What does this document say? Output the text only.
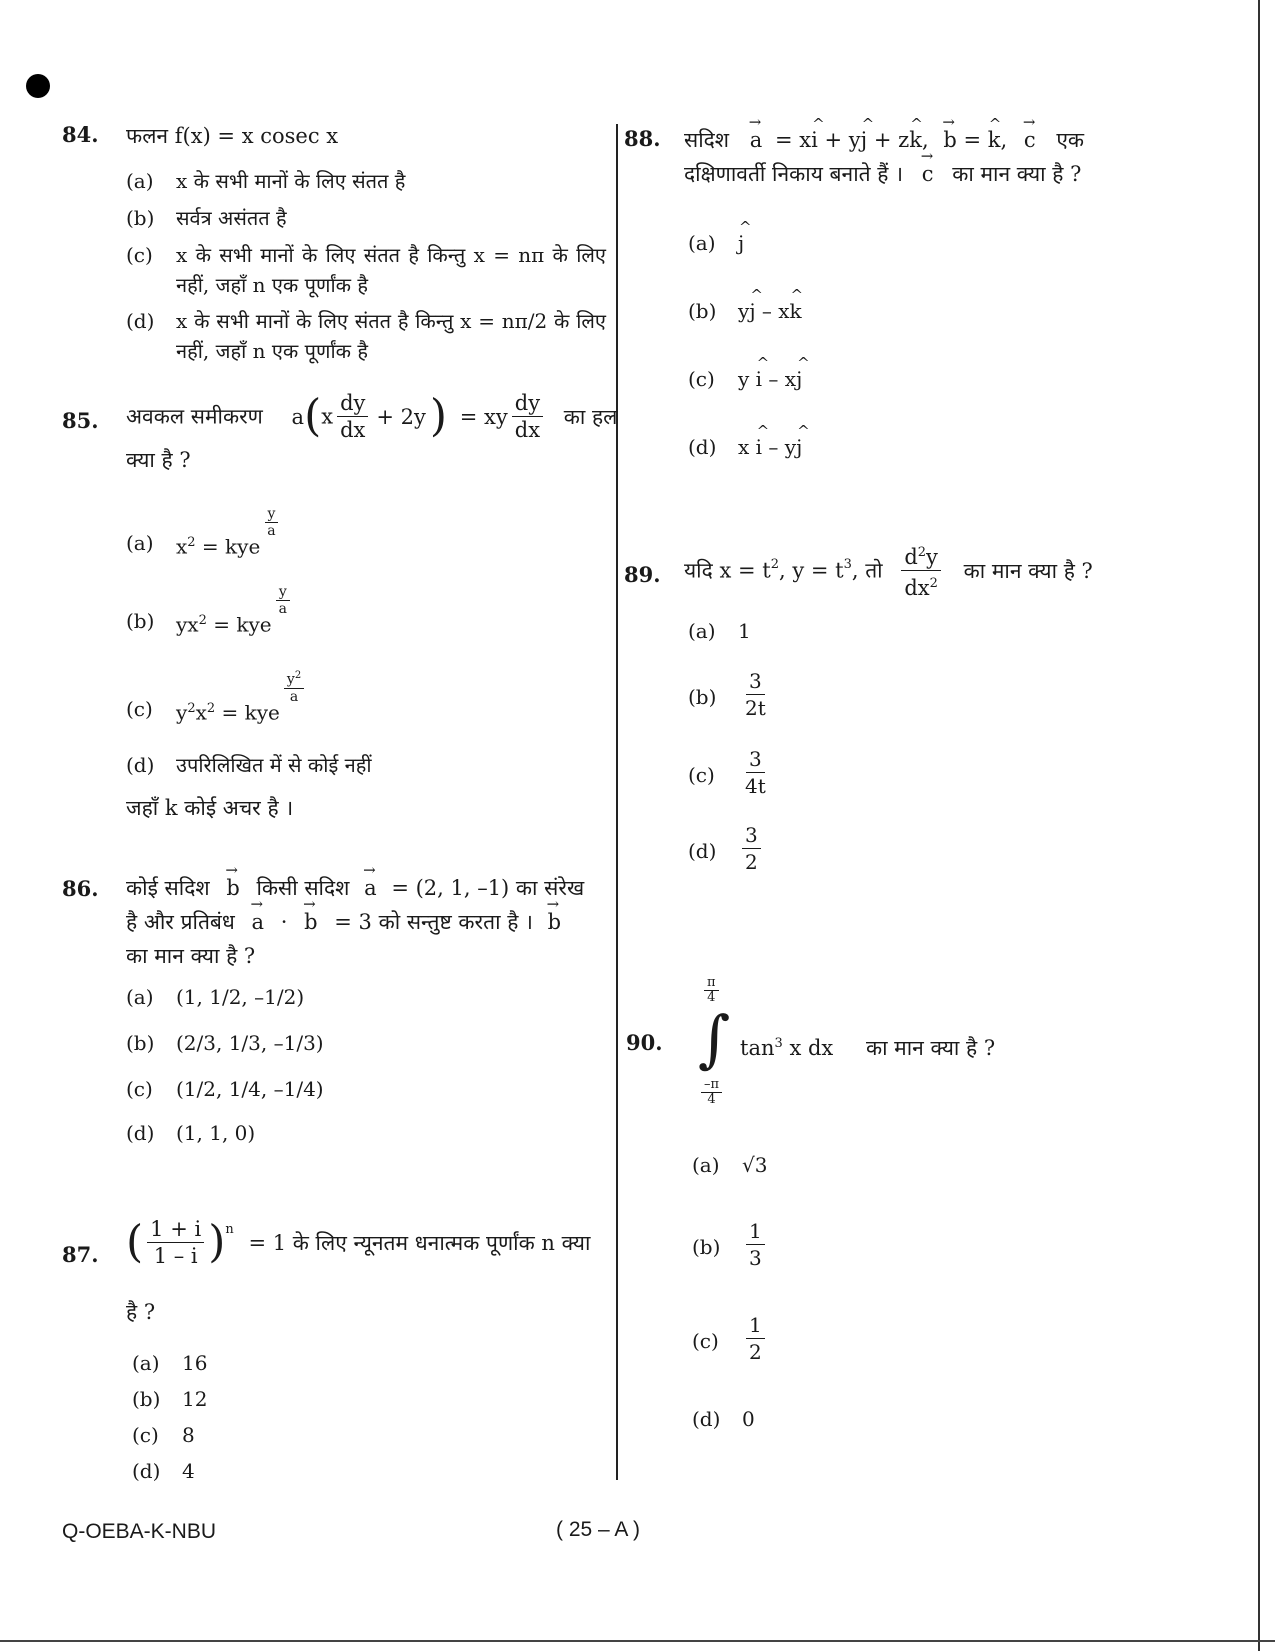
84. फलन f(x) = x cosec x
(a)	x के सभी मानों के लिए संतत है
(b)	सर्वत्र असंतत है
(c)	x के सभी मानों के लिए संतत है किन्तु x = nπ के लिए नहीं, जहाँ n एक पूर्णांक है
(d)	x के सभी मानों के लिए संतत है किन्तु x = nπ/2 के लिए नहीं, जहाँ n एक पूर्णांक है
85. अवकल समीकरण $a(x \frac{dy}{dx} + 2y)$ = xy $\frac{dy}{dx}$ का हल
क्या है ?
(a)	$x^2$ = kye
$\frac{y}{a}$
(b)	$yx^2$ = kye
$\frac{y}{a}$
(c)	$y^2x^2$ = kye
$\frac{y^2}{a}$
(d)	उपरिलिखित में से कोई नहीं
जहाँ k कोई अचर है ।
86. कोई सदिश → b किसी सदिश → a = (2, 1, –1) का संरेख
है और प्रतिबंध → a · → b = 3 को सन्तुष्ट करता है । → b
का मान क्या है ?
(a)	(1, 1/2, –1/2)
(b)	(2/3, 1/3, –1/3)
(c)	(1/2, 1/4, –1/4)
(d)	(1, 1, 0)
87. ( $\frac{1 + i}{1 - i} )^n = 1$ के लिए न्यूनतम धनात्मक पूर्णांक n क्या
है ?
(a)	16
(b)	12
(c)	8
(d)	4
88. सदिश → a = x^ i + y^ j + z^ k, → b = ^ k, → c एक
दक्षिणावर्ती निकाय बनाते हैं । → c का मान क्या है ?
(a)	^ j
(b)	y^ j – x^ k
(c)	y ^ i – x^ j
(d)	x ^ i – y^ j
89. यदि $x = t^2$, $y = t^3$, तो $\frac{d^2y}{dx^2}$ का मान क्या है ?
(a)	1
(b)	$\frac{3}{2t}$
(c)	$\frac{3}{4t}$
(d)	$\frac{3}{2}$
90.
$\frac{\pi}{4}$
∫
$\frac{-\pi}{4}$
$\tan^3 x$ dx का मान क्या है ?
(a)	√3
(b)	$\frac{1}{3}$
(c)	$\frac{1}{2}$
(d)	0
Q-OEBA-K-NBU	( 25 – A )
